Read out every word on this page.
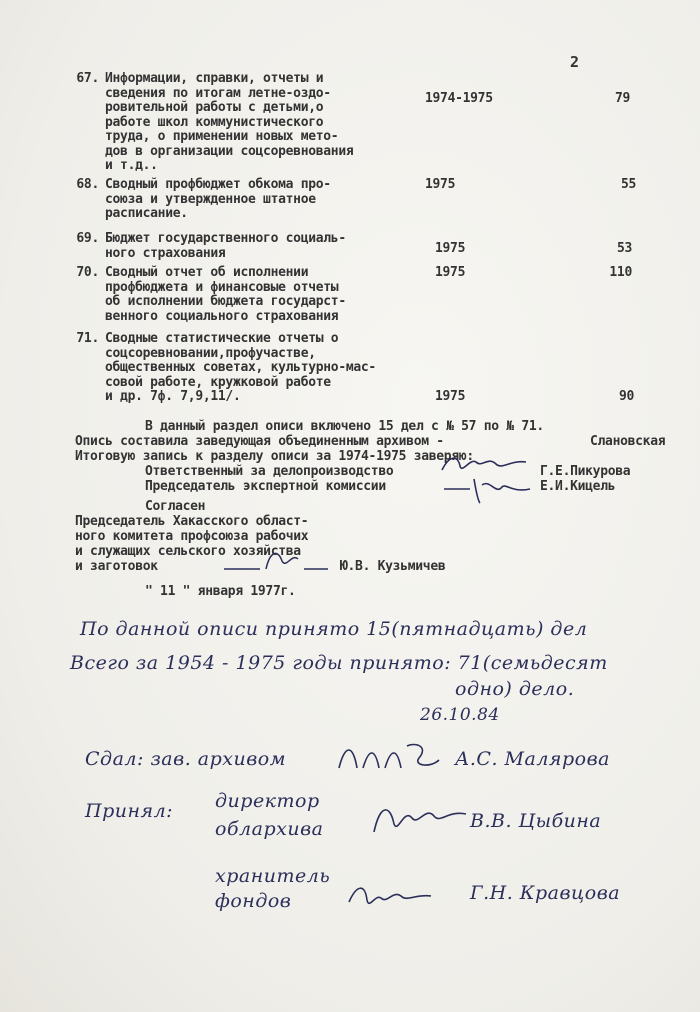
2
67. Информации, справки, отчеты и
сведения по итогам летне-оздо-
ровительной работы с детьми,о
работе школ коммунистического
труда, о применении новых мето-
дов в организации соцсоревнования
и т.д..
1974-1975	79
68. Сводный профбюджет обкома про-
союза и утвержденное штатное
расписание.
1975	55
69. Бюджет государственного социаль-
ного страхования	1975	53
70. Сводный отчет об исполнении
профбюджета и финансовые отчеты
об исполнении бюджета государст-
венного социального страхования
1975	110
71. Сводные статистические отчеты о
соцсоревновании,профучастве,
общественных советах, культурно-мас-
совой работе, кружковой работе
и др. 7ф. 7,9,11/.	1975	90
В данный раздел описи включено 15 дел с № 57 по № 71.
Опись составила заведующая объединенным архивом -	Слановская
Итоговую запись к разделу описи за 1974-1975 заверяю:
Ответственный за делопроизводство	Г.Е.Пикурова
Председатель экспертной комиссии	Е.И.Кицель
Согласен
Председатель Хакасского област-
ного комитета профсоюза рабочих
и служащих сельского хозяйства
и заготовок	Ю.В. Кузьмичев
" 11 " января 1977г.
По данной описи принято 15(пятнадцать) дел
Всего за 1954 - 1975 годы принято: 71(семьдесят
одно) дело.
26.10.84
Сдал: зав. архивом	А.С. Малярова
Принял: директор
облархива	В.В. Цыбина
хранитель
фондов	Г.Н. Кравцова
